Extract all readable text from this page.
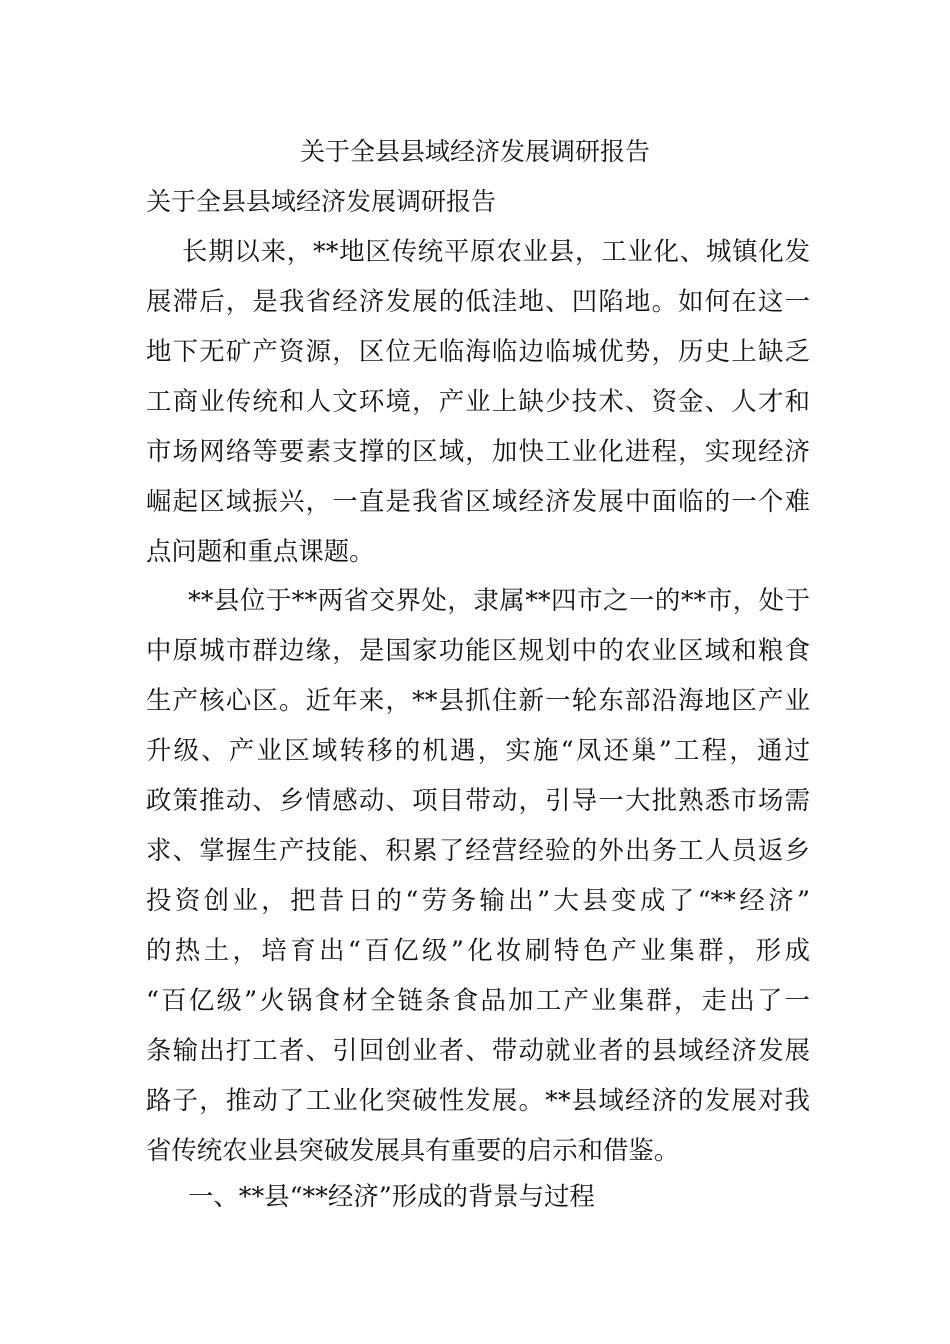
关于全县县域经济发展调研报告
关于全县县域经济发展调研报告
长期以来，**地区传统平原农业县，工业化、城镇化发
展滞后，是我省经济发展的低洼地、凹陷地。如何在这一
地下无矿产资源，区位无临海临边临城优势，历史上缺乏
工商业传统和人文环境，产业上缺少技术、资金、人才和
市场网络等要素支撑的区域，加快工业化进程，实现经济
崛起区域振兴，一直是我省区域经济发展中面临的一个难
点问题和重点课题。
**县位于**两省交界处，隶属**四市之一的**市，处于
中原城市群边缘，是国家功能区规划中的农业区域和粮食
生产核心区。近年来，**县抓住新一轮东部沿海地区产业
升级、产业区域转移的机遇，实施“凤还巢”工程，通过
政策推动、乡情感动、项目带动，引导一大批熟悉市场需
求、掌握生产技能、积累了经营经验的外出务工人员返乡
投资创业，把昔日的“劳务输出”大县变成了“**经济”
的热土，培育出“百亿级”化妆刷特色产业集群，形成
“百亿级”火锅食材全链条食品加工产业集群，走出了一
条输出打工者、引回创业者、带动就业者的县域经济发展
路子，推动了工业化突破性发展。**县域经济的发展对我
省传统农业县突破发展具有重要的启示和借鉴。
一、**县“**经济”形成的背景与过程
